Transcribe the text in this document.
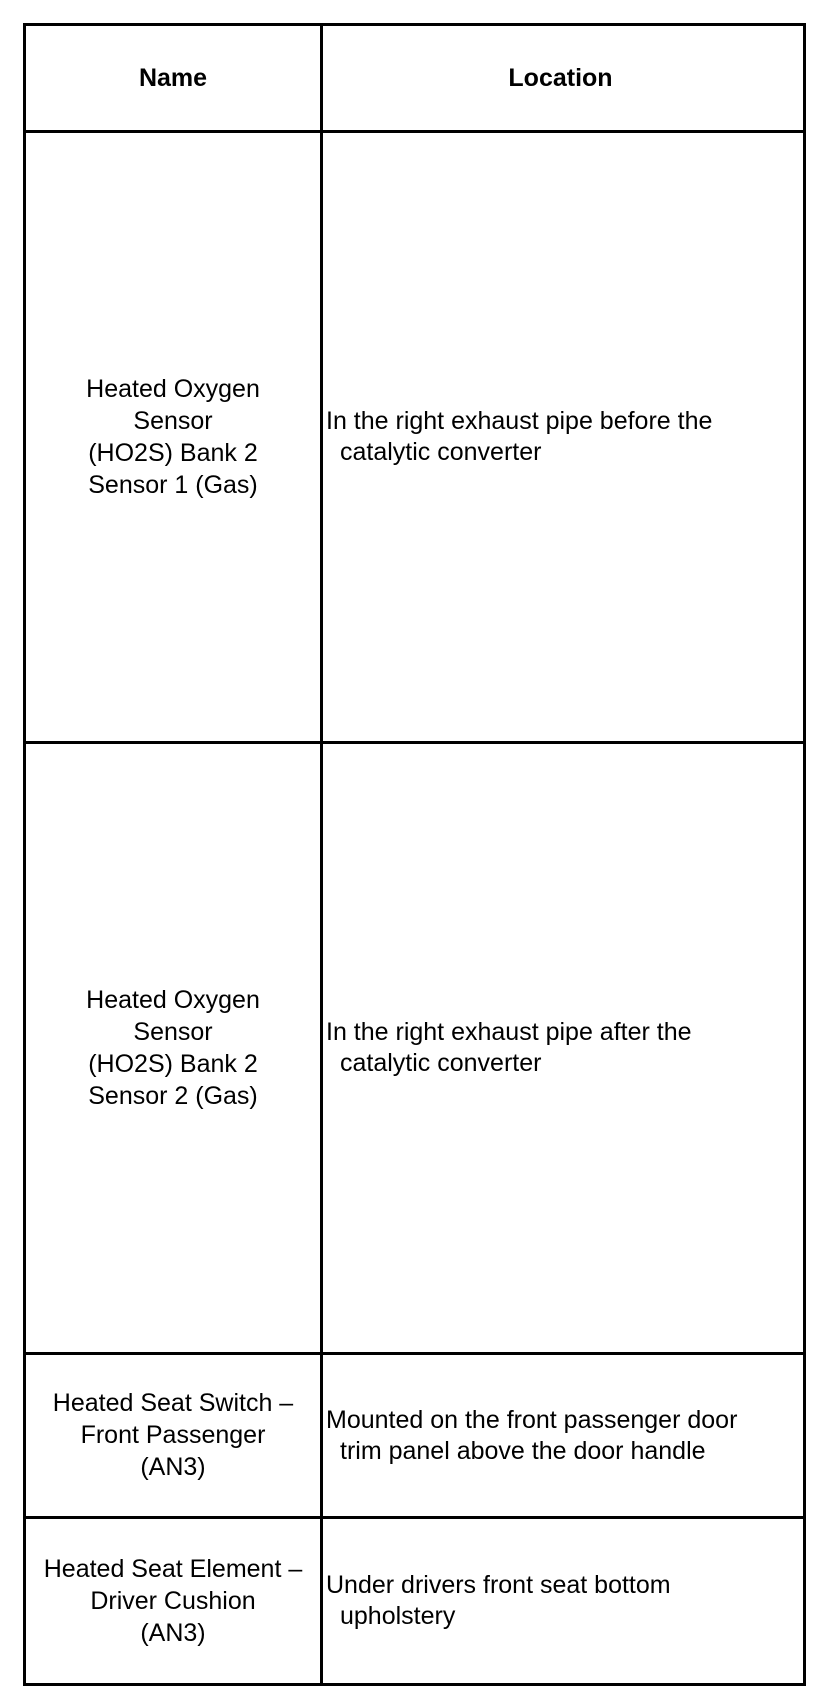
Name	Location
Heated Oxygen
Sensor
(HO2S) Bank 2
Sensor 1 (Gas)
In the right exhaust pipe before the
catalytic converter
Heated Oxygen
Sensor
(HO2S) Bank 2
Sensor 2 (Gas)
In the right exhaust pipe after the
catalytic converter
Heated Seat Switch –
Front Passenger
(AN3)
Mounted on the front passenger door
trim panel above the door handle
Heated Seat Element –
Driver Cushion
(AN3)
Under drivers front seat bottom
upholstery
